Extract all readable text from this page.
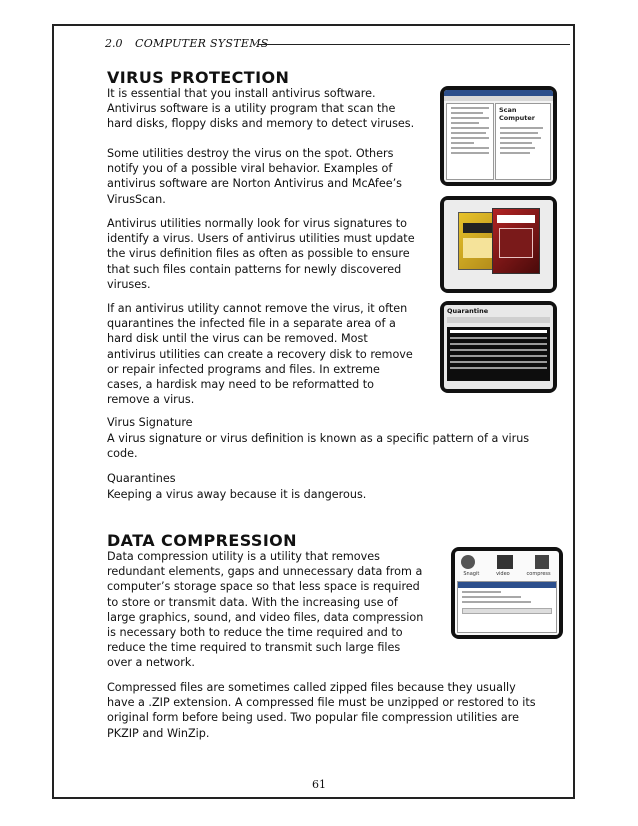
2.0 COMPUTER SYSTEMS
VIRUS PROTECTION

It is essential that you install antivirus software.
Antivirus software is a utility program that scan the
hard disks, floppy disks and memory to detect viruses.

Some utilities destroy the virus on the spot. Others
notify you of a possible viral behavior. Examples of
antivirus software are Norton Antivirus and McAfee’s
VirusScan.

Antivirus utilities normally look for virus signatures to
identify a virus. Users of antivirus utilities must update
the virus definition files as often as possible to ensure
that such files contain patterns for newly discovered
viruses.

If an antivirus utility cannot remove the virus, it often
quarantines the infected file in a separate area of a
hard disk until the virus can be removed. Most
antivirus utilities can create a recovery disk to remove
or repair infected programs and files. In extreme
cases, a hardisk may need to be reformatted to
remove a virus.

Virus Signature

A virus signature or virus definition is known as a specific pattern of a virus
code.

Quarantines

Keeping a virus away because it is dangerous.

DATA COMPRESSION

Data compression utility is a utility that removes
redundant elements, gaps and unnecessary data from a
computer’s storage space so that less space is required
to store or transmit data. With the increasing use of
large graphics, sound, and video files, data compression
is necessary both to reduce the time required and to
reduce the time required to transmit such large files
over a network.

Compressed files are sometimes called zipped files because they usually
have a .ZIP extension. A compressed file must be unzipped or restored to its
original form before being used. Two popular file compression utilities are
PKZIP and WinZip.

Scan Computer
Quarantine
Snagit	video	compress
61
